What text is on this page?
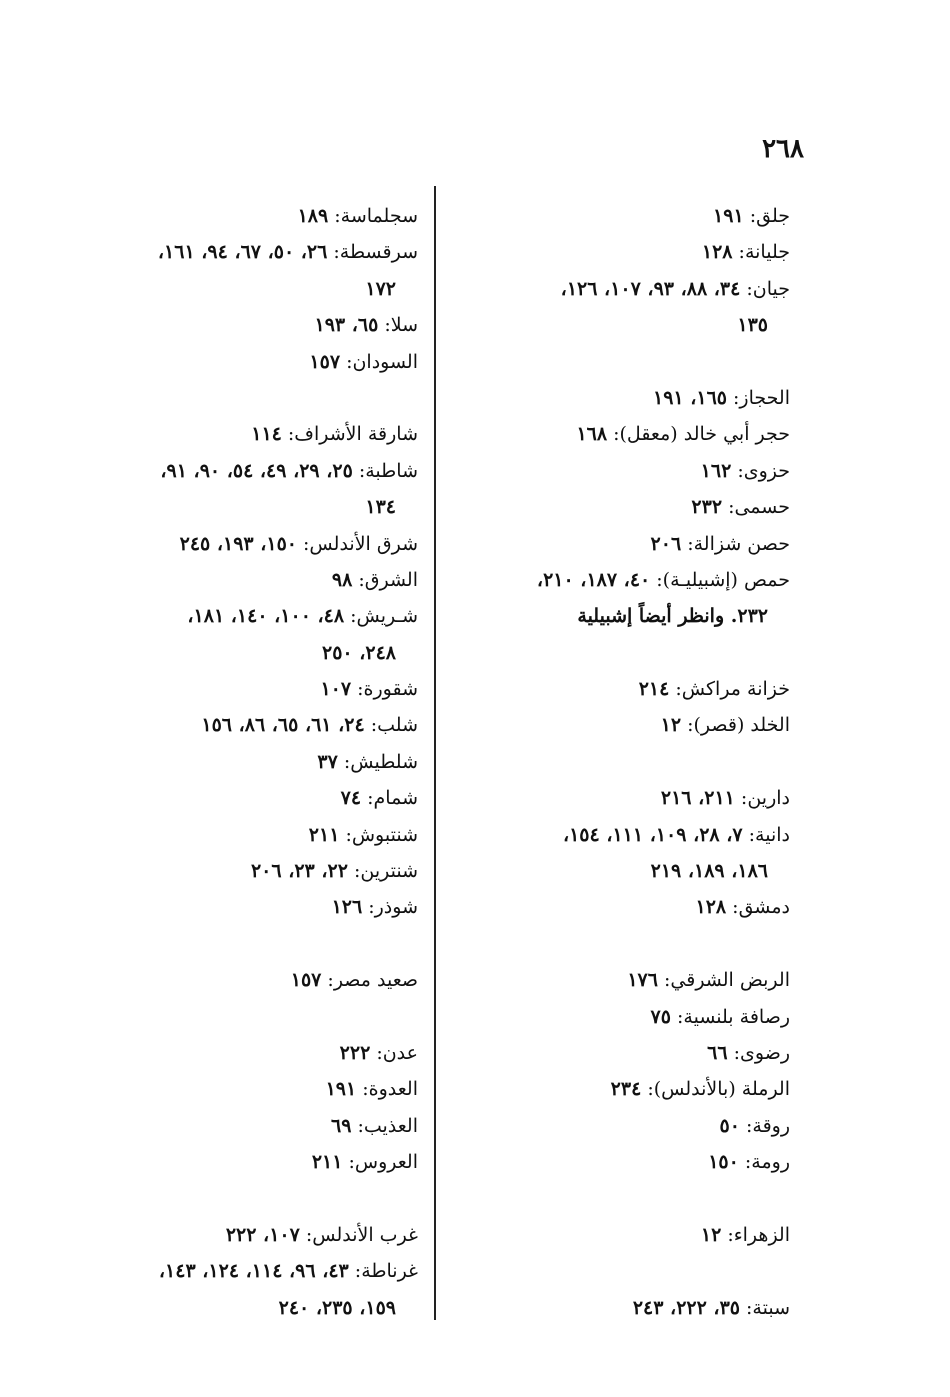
٢٦٨
جلق: ١٩١
جليانة: ١٢٨
جيان: ٣٤، ٨٨، ٩٣، ١٠٧، ١٢٦،
١٣٥
الحجاز: ١٦٥، ١٩١
حجر أبي خالد (معقل): ١٦٨
حزوى: ١٦٢
حسمى: ٢٣٢
حصن شزالة: ٢٠٦
حمص (إشبيليـة): ٤٠، ١٨٧، ٢١٠،
٢٣٢. وانظر أيضاً إشبيلية
خزانة مراكش: ٢١٤
الخلد (قصر): ١٢
دارين: ٢١١، ٢١٦
دانية: ٧، ٢٨، ١٠٩، ١١١، ١٥٤،
١٨٦، ١٨٩، ٢١٩
دمشق: ١٢٨
الربض الشرقي: ١٧٦
رصافة بلنسية: ٧٥
رضوى: ٦٦
الرملة (بالأندلس): ٢٣٤
روقة: ٥٠
رومة: ١٥٠
الزهراء: ١٢
سبتة: ٣٥، ٢٢٢، ٢٤٣
سجلماسة: ١٨٩
سرقسطة: ٢٦، ٥٠، ٦٧، ٩٤، ١٦١،
١٧٢
سلا: ٦٥، ١٩٣
السودان: ١٥٧
شارقة الأشراف: ١١٤
شاطبة: ٢٥، ٢٩، ٤٩، ٥٤، ٩٠، ٩١،
١٣٤
شرق الأندلس: ١٥٠، ١٩٣، ٢٤٥
الشرق: ٩٨
شـريش: ٤٨، ١٠٠، ١٤٠، ١٨١،
٢٤٨، ٢٥٠
شقورة: ١٠٧
شلب: ٢٤، ٦١، ٦٥، ٨٦، ١٥٦
شلطيش: ٣٧
شمام: ٧٤
شنتبوش: ٢١١
شنترين: ٢٢، ٢٣، ٢٠٦
شوذر: ١٢٦
صعيد مصر: ١٥٧
عدن: ٢٢٢
العدوة: ١٩١
العذيب: ٦٩
العروس: ٢١١
غرب الأندلس: ١٠٧، ٢٢٢
غرناطة: ٤٣، ٩٦، ١١٤، ١٢٤، ١٤٣،
١٥٩، ٢٣٥، ٢٤٠
